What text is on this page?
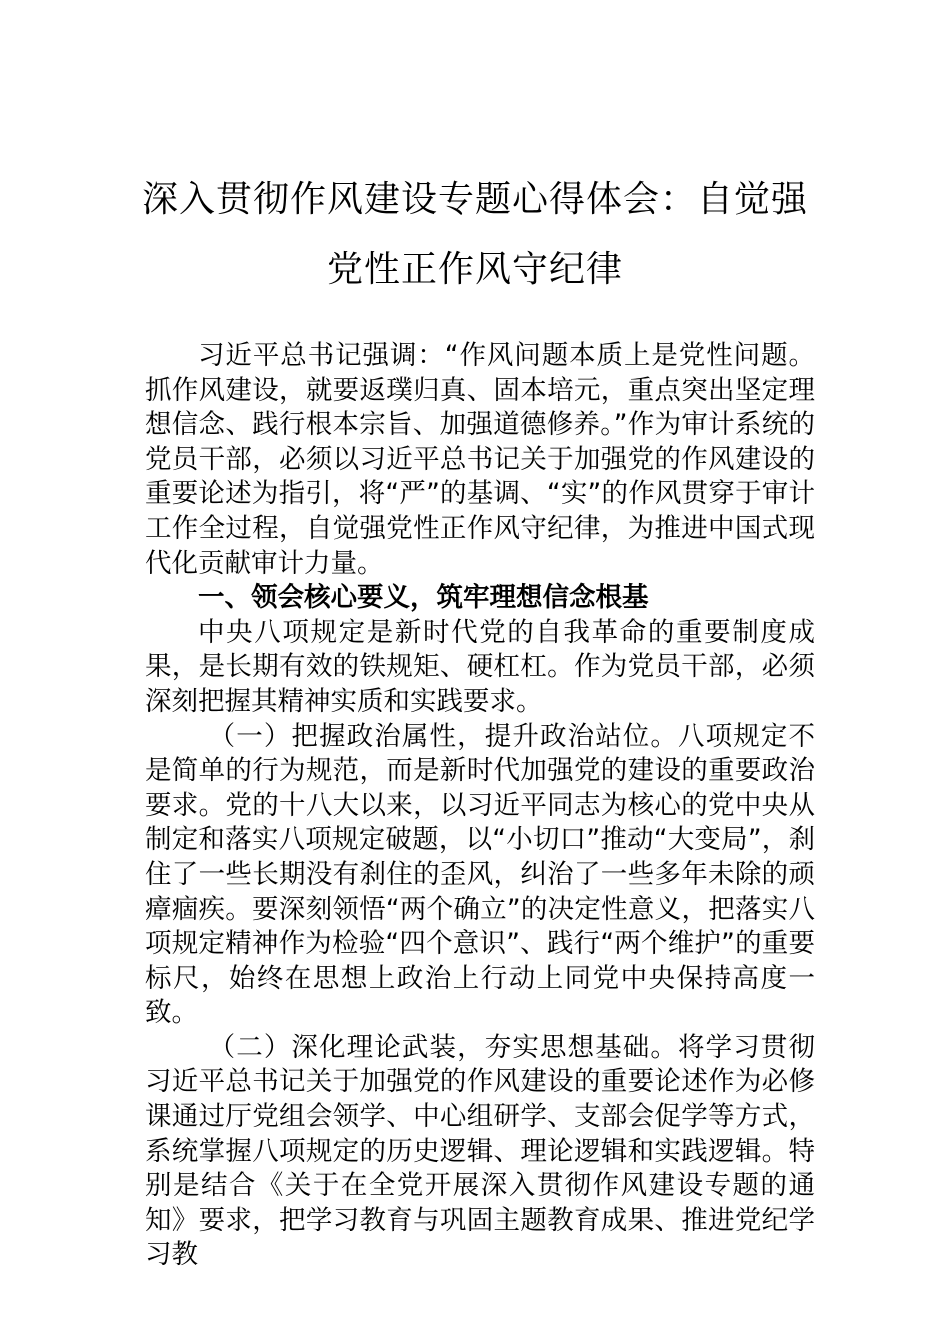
深入贯彻作风建设专题心得体会：自觉强
党性正作风守纪律

习近平总书记强调：“作风问题本质上是党性问题。抓作风建设，就要返璞归真、固本培元，重点突出坚定理想信念、践行根本宗旨、加强道德修养。”作为审计系统的党员干部，必须以习近平总书记关于加强党的作风建设的重要论述为指引，将“严”的基调、“实”的作风贯穿于审计工作全过程，自觉强党性正作风守纪律，为推进中国式现代化贡献审计力量。

一、领会核心要义，筑牢理想信念根基

中央八项规定是新时代党的自我革命的重要制度成果，是长期有效的铁规矩、硬杠杠。作为党员干部，必须深刻把握其精神实质和实践要求。

（一）把握政治属性，提升政治站位。八项规定不是简单的行为规范，而是新时代加强党的建设的重要政治要求。党的十八大以来，以习近平同志为核心的党中央从制定和落实八项规定破题，以“小切口”推动“大变局”，刹住了一些长期没有刹住的歪风，纠治了一些多年未除的顽瘴痼疾。要深刻领悟“两个确立”的决定性意义，把落实八项规定精神作为检验“四个意识”、践行“两个维护”的重要标尺，始终在思想上政治上行动上同党中央保持高度一致。

（二）深化理论武装，夯实思想基础。将学习贯彻习近平总书记关于加强党的作风建设的重要论述作为必修课通过厅党组会领学、中心组研学、支部会促学等方式，系统掌握八项规定的历史逻辑、理论逻辑和实践逻辑。特别是结合《关于在全党开展深入贯彻作风建设专题的通知》要求，把学习教育与巩固主题教育成果、推进党纪学习教
